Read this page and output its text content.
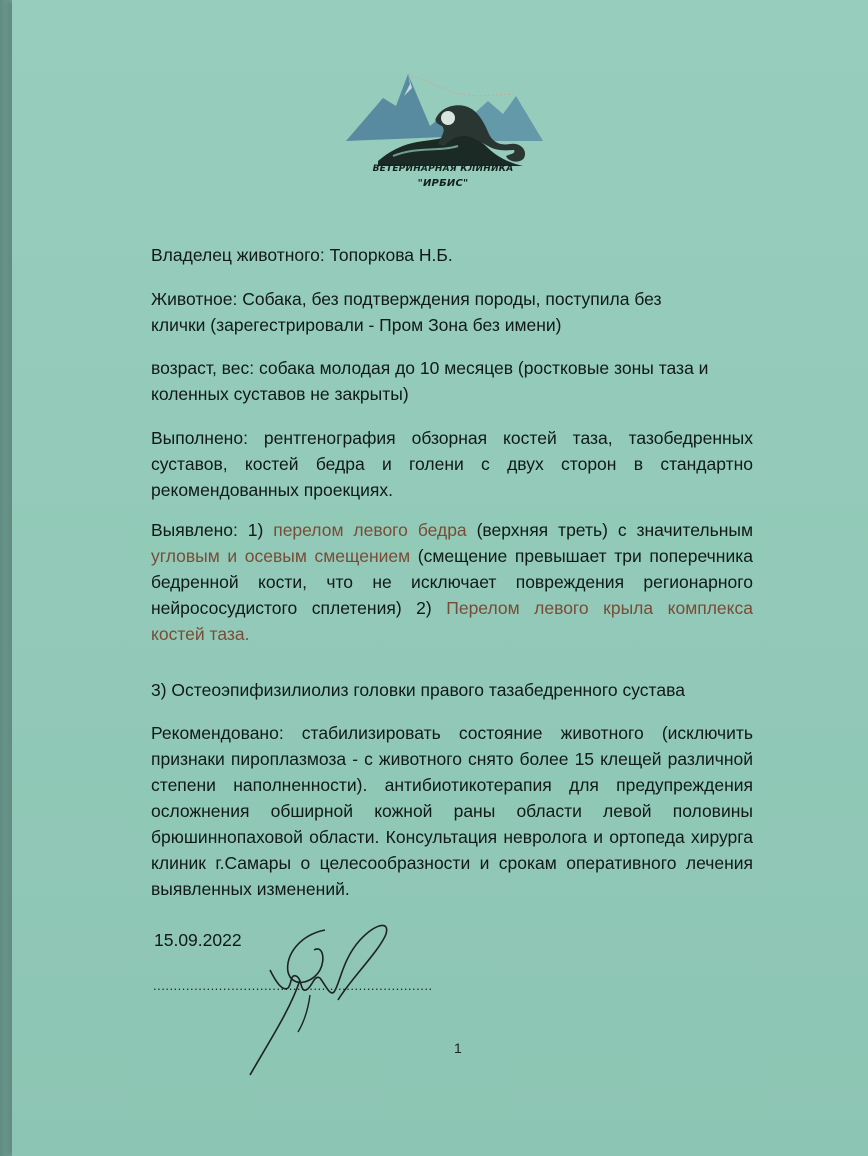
ВЕТЕРИНАРНАЯ КЛИНИКА
"ИРБИС"

Владелец животного: Топоркова Н.Б.

Животное: Собака, без подтверждения породы, поступила без клички (зарегестрировали - Пром Зона без имени)

возраст, вес: собака молодая до 10 месяцев (ростковые зоны таза и коленных суставов не закрыты)

Выполнено: рентгенография обзорная костей таза, тазобедренных суставов, костей бедра и голени с двух сторон в стандартно рекомендованных проекциях.

Выявлено: 1) перелом левого бедра (верхняя треть) с значительным угловым и осевым смещением (смещение превышает три поперечника бедренной кости, что не исключает повреждения регионарного нейрососудистого сплетения) 2) Перелом левого крыла комплекса костей таза.

3) Остеоэпифизилиолиз головки правого тазабедренного сустава

Рекомендовано: стабилизировать состояние животного (исключить признаки пироплазмоза - с животного снято более 15 клещей различной степени наполненности). антибиотикотерапия для предупреждения осложнения обширной кожной раны области левой половины брюшиннопаховой области. Консультация невролога и ортопеда хирурга клиник г.Самары о целесообразности и срокам оперативного лечения выявленных изменений.

15.09.2022
....................................................................
1
